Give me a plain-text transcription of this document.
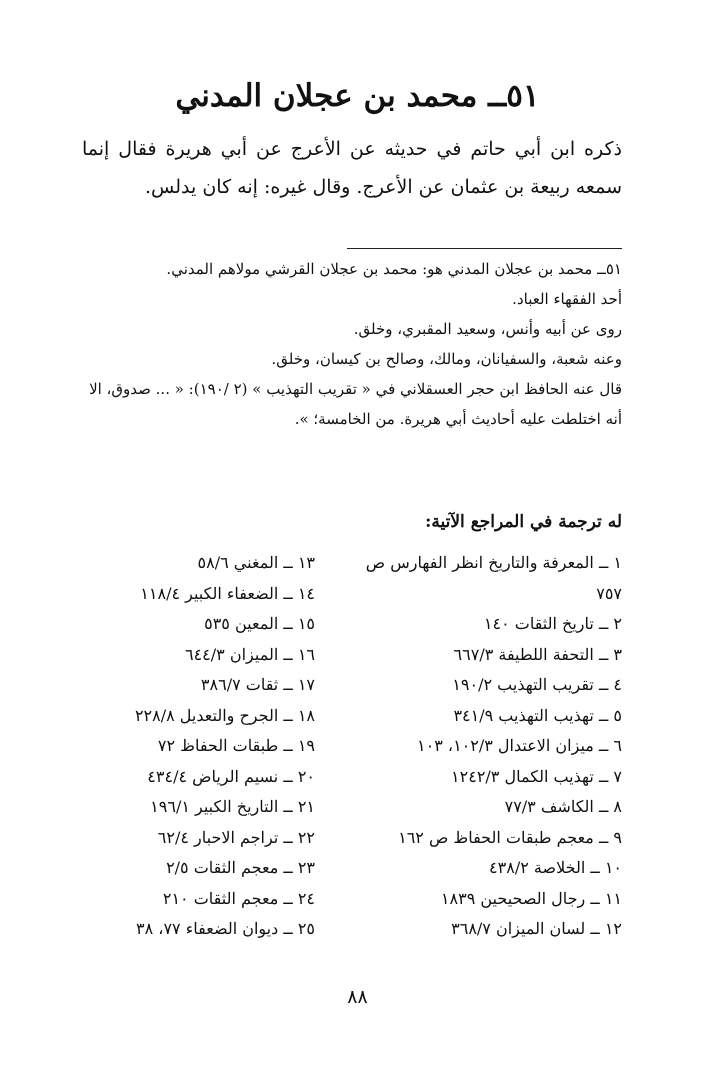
٥١ــ محمد بن عجلان المدني
ذكره ابن أبي حاتم في حديثه عن الأعرج عن أبي هريرة فقال إنما سمعه ربيعة بن عثمان عن الأعرج. وقال غيره: إنه كان يدلس.

٥١ــ محمد بن عجلان المدني هو: محمد بن عجلان القرشي مولاهم المدني.

أحد الفقهاء العباد.

روى عن أبيه وأنس، وسعيد المقبري، وخلق.

وعنه شعبة، والسفيانان، ومالك، وصالح بن كيسان، وخلق.

قال عنه الحافظ ابن حجر العسقلاني في « تقريب التهذيب » (٢ /١٩٠): « ... صدوق، الا أنه اختلطت عليه أحاديث أبي هريرة. من الخامسة؛ ».

له ترجمة في المراجع الآتية:
١ ــ المعرفة والتاريخ انظر الفهارس ص ٧٥٧
٢ ــ تاريخ الثقات ١٤٠
٣ ــ التحفة اللطيفة ٦٦٧/٣
٤ ــ تقريب التهذيب ١٩٠/٢
٥ ــ تهذيب التهذيب ٣٤١/٩
٦ ــ ميزان الاعتدال ١٠٢/٣، ١٠٣
٧ ــ تهذيب الكمال ١٢٤٢/٣
٨ ــ الكاشف ٧٧/٣
٩ ــ معجم طبقات الحفاظ ص ١٦٢
١٠ ــ الخلاصة ٤٣٨/٢
١١ ــ رجال الصحيحين ١٨٣٩
١٢ ــ لسان الميزان ٣٦٨/٧
١٣ ــ المغني ٥٨/٦
١٤ ــ الضعفاء الكبير ١١٨/٤
١٥ ــ المعين ٥٣٥
١٦ ــ الميزان ٦٤٤/٣
١٧ ــ ثقات ٣٨٦/٧
١٨ ــ الجرح والتعديل ٢٢٨/٨
١٩ ــ طبقات الحفاظ ٧٢
٢٠ ــ نسيم الرياض ٤٣٤/٤
٢١ ــ التاريخ الكبير ١٩٦/١
٢٢ ــ تراجم الاحبار ٦٢/٤
٢٣ ــ معجم الثقات ٢/٥
٢٤ ــ معجم الثقات ٢١٠
٢٥ ــ ديوان الضعفاء ٧٧، ٣٨
٨٨
